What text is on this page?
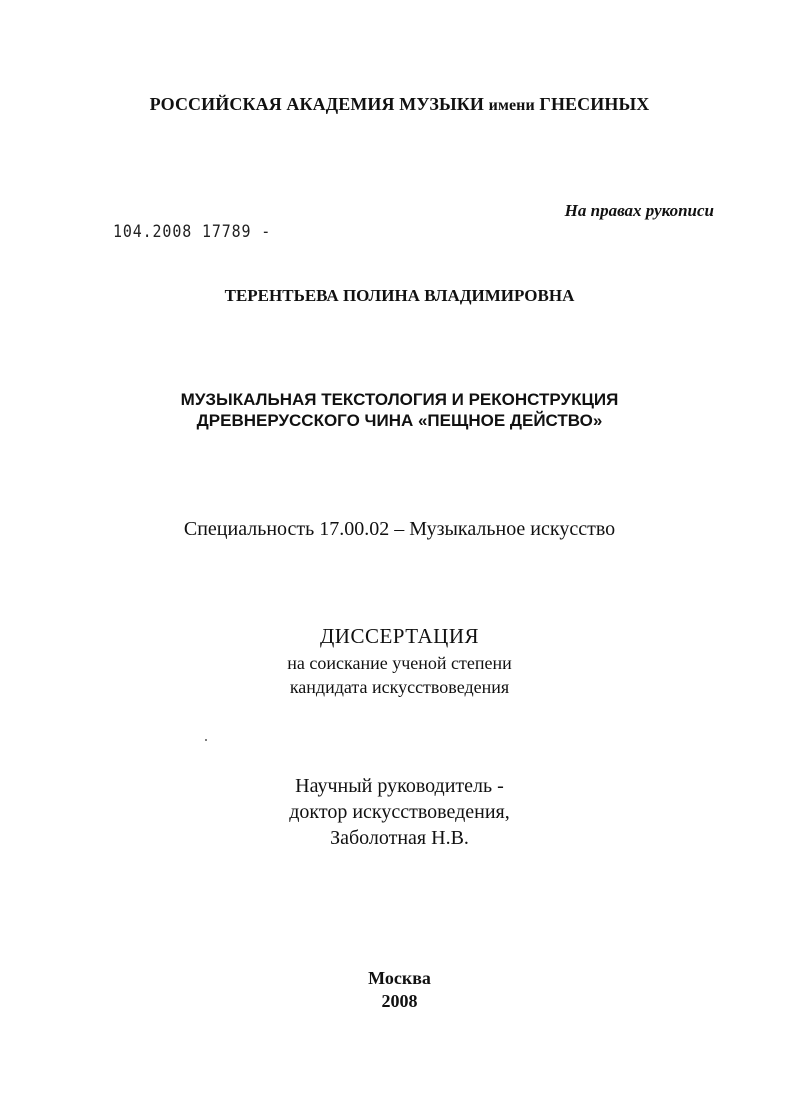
РОССИЙСКАЯ АКАДЕМИЯ МУЗЫКИ имени ГНЕСИНЫХ
На правах рукописи
104.2008 17789 -
ТЕРЕНТЬЕВА ПОЛИНА ВЛАДИМИРОВНА
МУЗЫКАЛЬНАЯ ТЕКСТОЛОГИЯ И РЕКОНСТРУКЦИЯ
ДРЕВНЕРУССКОГО ЧИНА «ПЕЩНОЕ ДЕЙСТВО»
Специальность 17.00.02 – Музыкальное искусство
ДИССЕРТАЦИЯ
на соискание ученой степени
кандидата искусствоведения
Научный руководитель -
доктор искусствоведения,
Заболотная Н.В.
Москва
2008
